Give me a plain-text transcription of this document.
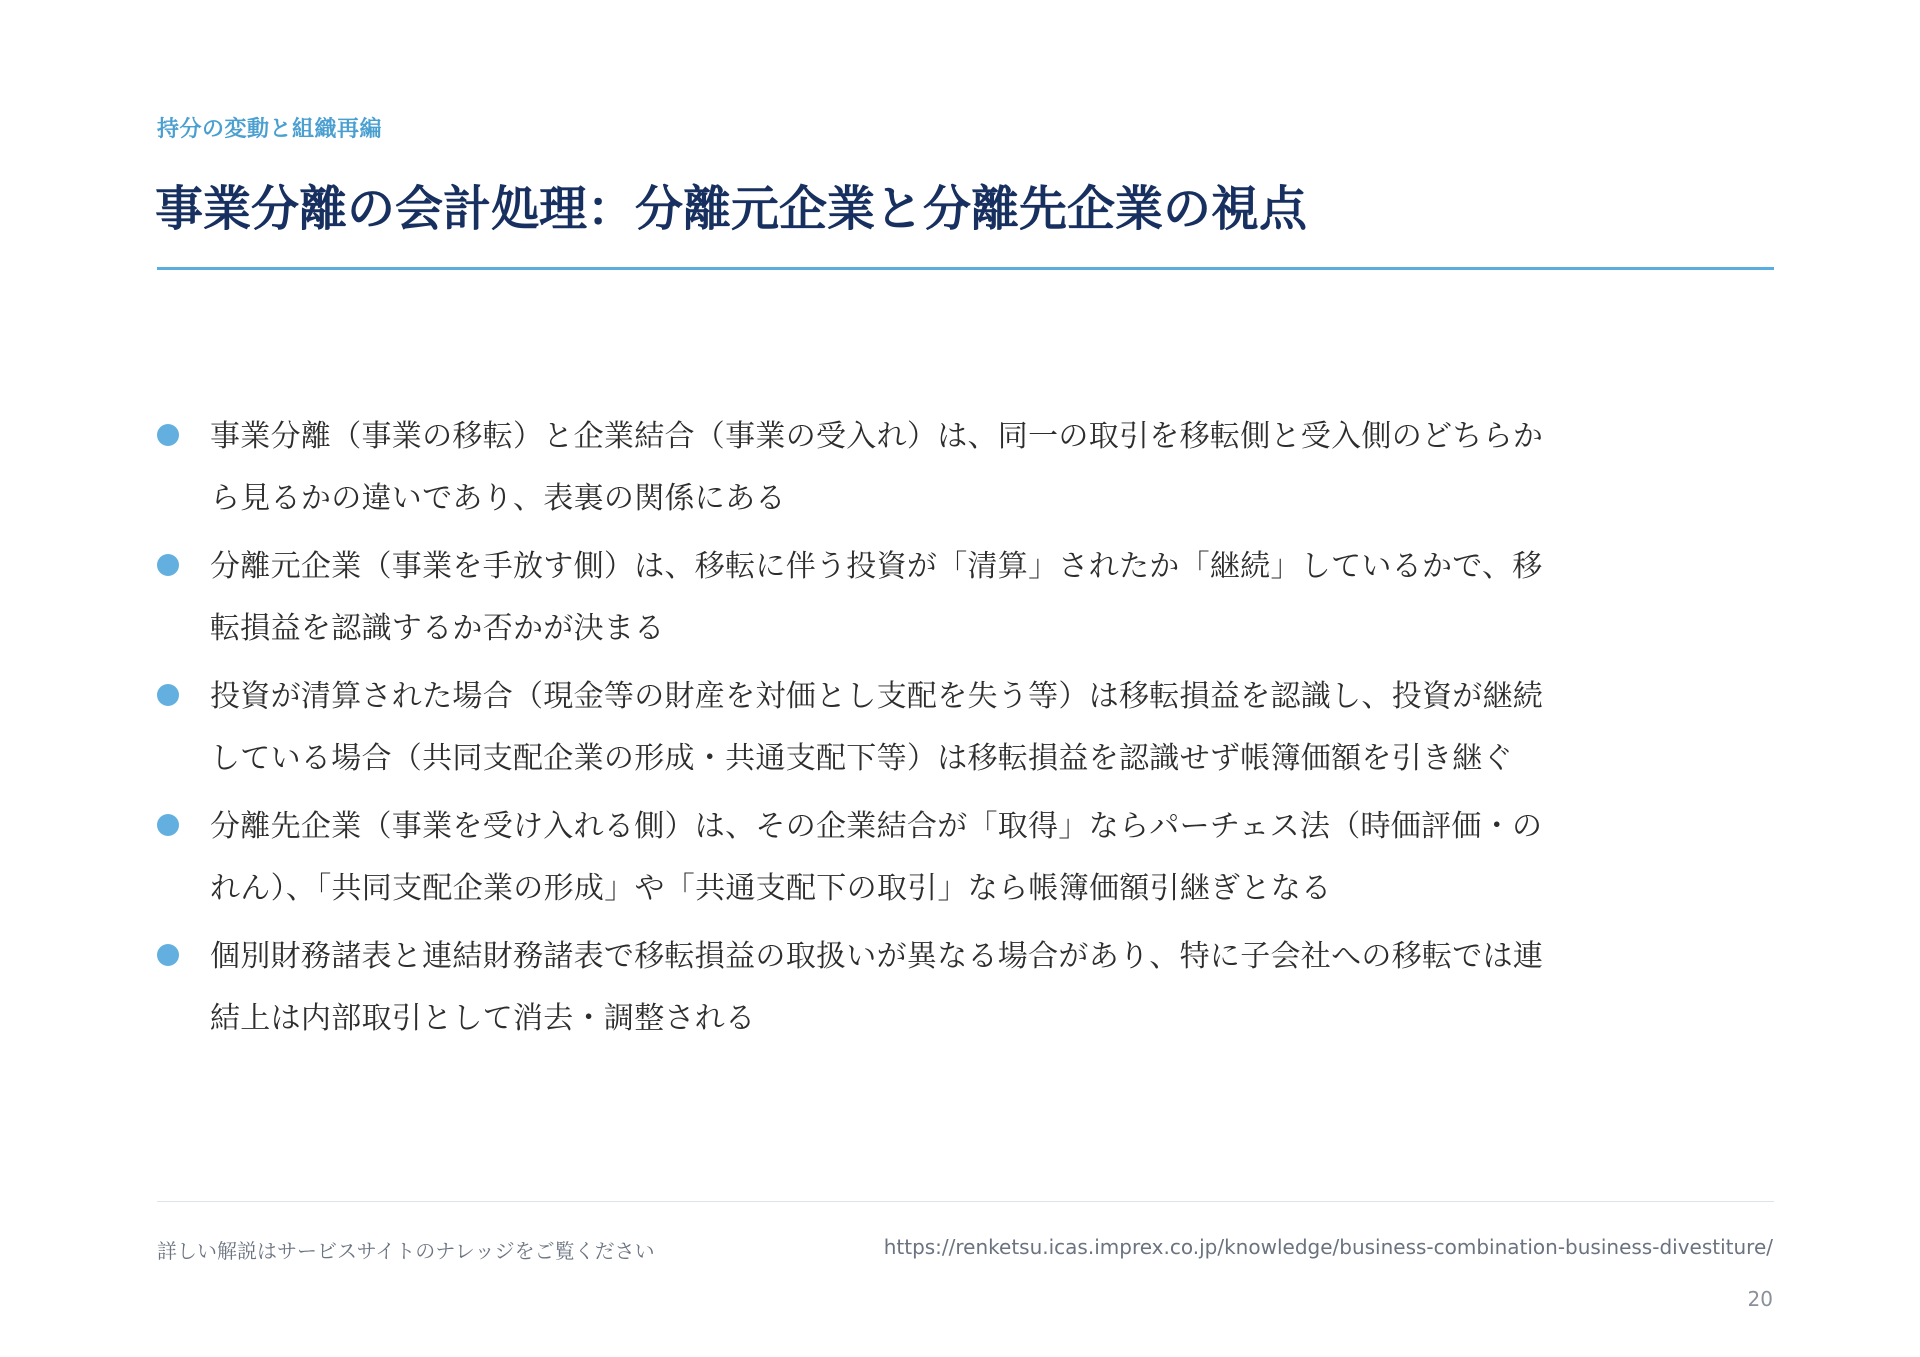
持分の変動と組織再編
事業分離の会計処理：分離元企業と分離先企業の視点
事業分離（事業の移転）と企業結合（事業の受入れ）は、同一の取引を移転側と受入側のどちらから見るかの違いであり、表裏の関係にある
分離元企業（事業を手放す側）は、移転に伴う投資が「清算」されたか「継続」しているかで、移転損益を認識するか否かが決まる
投資が清算された場合（現金等の財産を対価とし支配を失う等）は移転損益を認識し、投資が継続している場合（共同支配企業の形成・共通支配下等）は移転損益を認識せず帳簿価額を引き継ぐ
分離先企業（事業を受け入れる側）は、その企業結合が「取得」ならパーチェス法（時価評価・のれん）、「共同支配企業の形成」や「共通支配下の取引」なら帳簿価額引継ぎとなる
個別財務諸表と連結財務諸表で移転損益の取扱いが異なる場合があり、特に子会社への移転では連結上は内部取引として消去・調整される
詳しい解説はサービスサイトのナレッジをご覧ください	https://renketsu.icas.imprex.co.jp/knowledge/business-combination-business-divestiture/
20
